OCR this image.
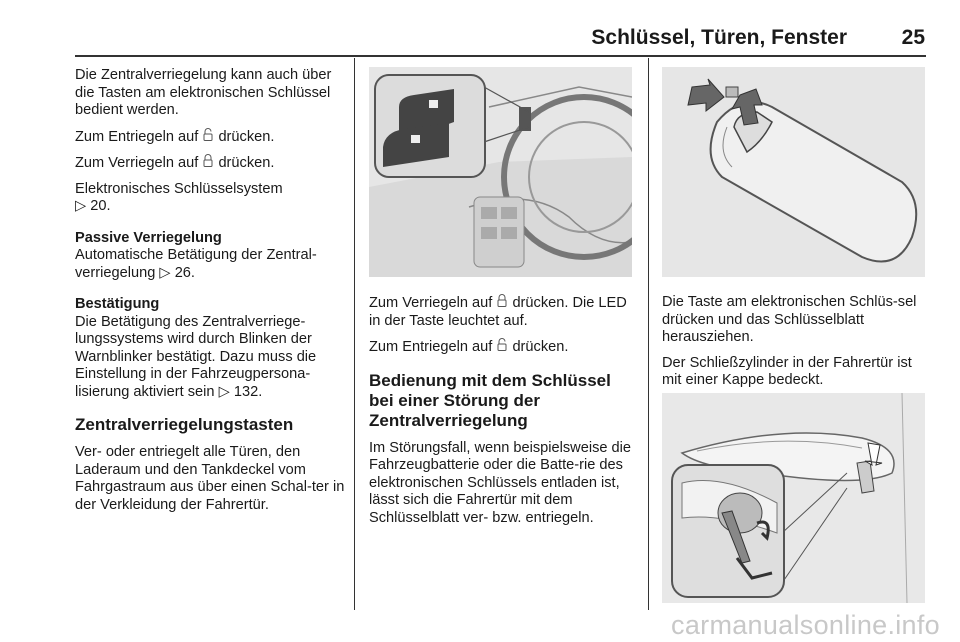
Schlüssel, Türen, Fenster	25

Die Zentralverriegelung kann auch über die Tasten am elektronischen Schlüssel bedient werden.

Zum Entriegeln auf drücken.

Zum Verriegeln auf drücken.

Elektronisches Schlüsselsystem
▷ 20.

Passive Verriegelung

Automatische Betätigung der Zentral-verriegelung ▷ 26.

Bestätigung

Die Betätigung des Zentralverriege-lungssystems wird durch Blinken der Warnblinker bestätigt. Dazu muss die Einstellung in der Fahrzeugpersona-lisierung aktiviert sein ▷ 132.

Zentralverriegelungstasten

Ver- oder entriegelt alle Türen, den Laderaum und den Tankdeckel vom Fahrgastraum aus über einen Schal-ter in der Verkleidung der Fahrertür.

Zum Verriegeln auf drücken. Die LED in der Taste leuchtet auf.

Zum Entriegeln auf drücken.

Bedienung mit dem Schlüssel bei einer Störung der Zentralverriegelung

Im Störungsfall, wenn beispielsweise die Fahrzeugbatterie oder die Batte-rie des elektronischen Schlüssels entladen ist, lässt sich die Fahrertür mit dem Schlüsselblatt ver- bzw. entriegeln.

Die Taste am elektronischen Schlüs-sel drücken und das Schlüsselblatt herausziehen.

Der Schließzylinder in der Fahrertür ist mit einer Kappe bedeckt.

carmanualsonline.info
